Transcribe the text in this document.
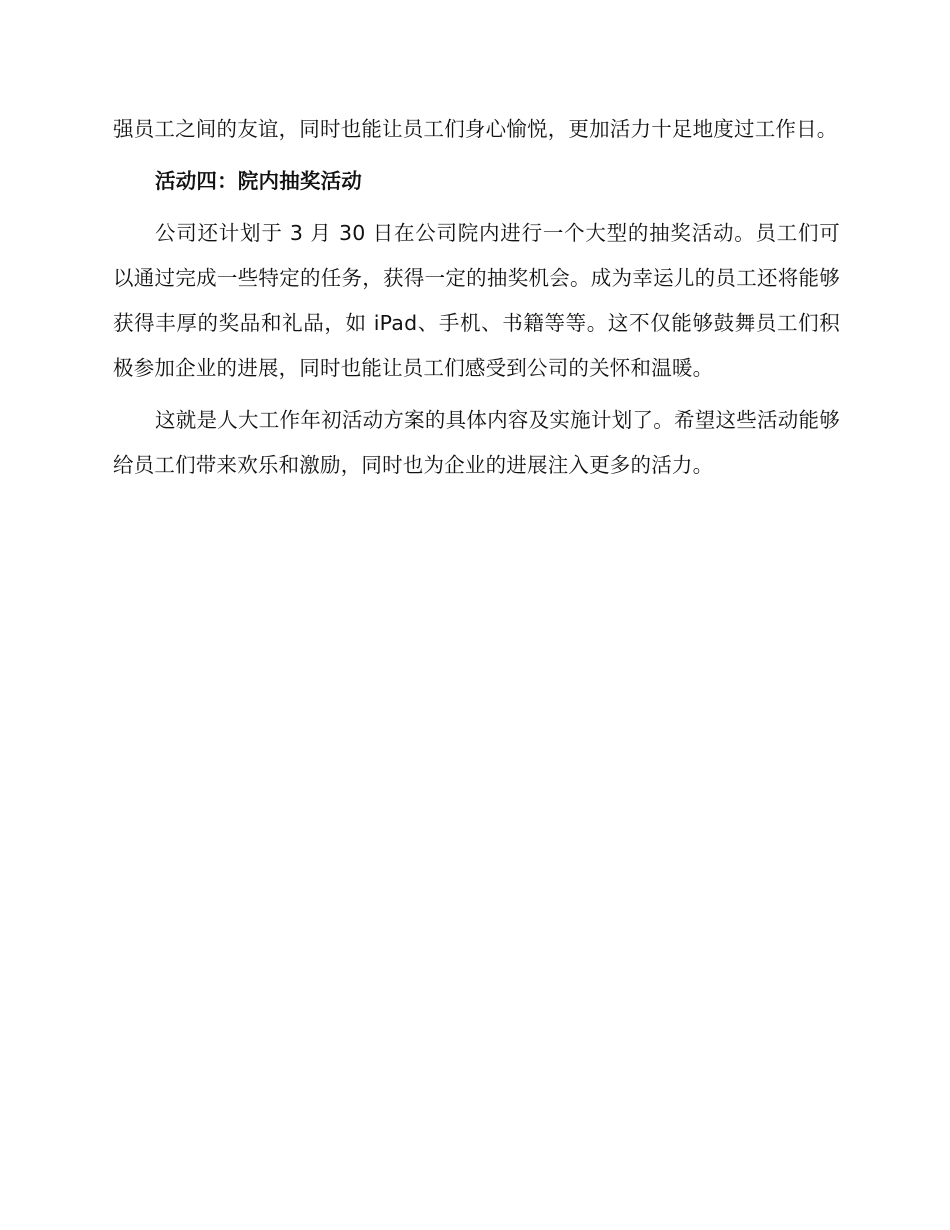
强员工之间的友谊，同时也能让员工们身心愉悦，更加活力十足地度过工作日。

活动四：院内抽奖活动

公司还计划于 3 月 30 日在公司院内进行一个大型的抽奖活动。员工们可以通过完成一些特定的任务，获得一定的抽奖机会。成为幸运儿的员工还将能够获得丰厚的奖品和礼品，如 iPad、手机、书籍等等。这不仅能够鼓舞员工们积极参加企业的进展，同时也能让员工们感受到公司的关怀和温暖。

这就是人大工作年初活动方案的具体内容及实施计划了。希望这些活动能够给员工们带来欢乐和激励，同时也为企业的进展注入更多的活力。
